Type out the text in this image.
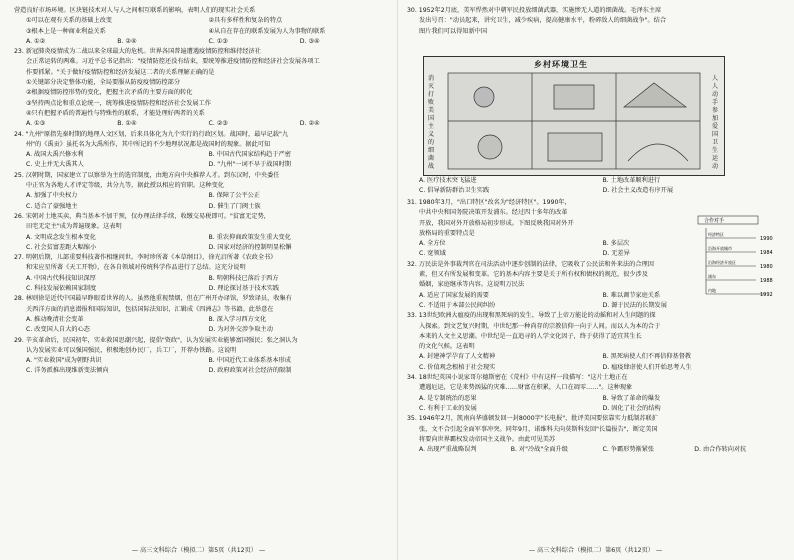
营造良好市场环境。区块链技术对人与人之间相互联系的影响，表明人们的现实社会关系
①可以在观有关系的基础上改变	②具有多样性和复杂的特点
③根本上是一种商业利益关系	④从自在存在的联系发展为人为事物的联系
A. ①②	B. ②④	C. ①③	D. ③④
23. 新冠肺炎疫情成为二战以来全球最大的危机。世界各国普遍遭遇疫情防控和维持经济社
会正常运转的两难。习近平总书记指出："疫情防控还没有结束，要统筹推进疫情防控和经济社会发展各项工
作要抓紧。"关于做好疫情防控和经济发展这二者的关系理解正确的是
①关键部分决定整体功能，全局要服从防疫疫情防控部分
②根据疫情防控形势的变化，把握主次矛盾的主要方面的转化
③坚持两点论和重点论统一，统筹推进疫情防控和经济社会发展工作
④只有把握矛盾的普遍性与特殊性的联系，才能处理好两者的关系
A. ①③	B. ①④	C. ②③	D. ②④
24. "九州"原指先秦时期的地理人文区划，后来具体化为九个实行的行政区划。战国时，最早记载"九
州"的《禹贡》虽托名为大禹所作，其中所记的不少地理状况都是战国时的现象。据此可知
A. 战国大禹兴修水利	B. 中国古代国家结构趋于严密
C. 史上并无大禹其人	D. "九州"一词不早于战国时期
25. 汉朝时期，国家建立了以察举为主的选官制度，由地方向中央推荐人才。到东汉时，中央委任
中正官为各地人才评定等级，共分九等，据此授以相应的官职。这种变化
A. 加强了中央权力	B. 保障了公平公正
C. 适合了豪强地主	D. 催生了门阀士族
26. 宋朝对土地买卖，典当基本不加干预，仅办理法律手续，收缴交易税即可。"贫富无定势，
田宅无定主"成为普遍现象。这表明
A. 文明成念发生根本变化	B. 重农抑商政策发生重大变化
C. 社会贫富差距大幅缩小	D. 国家对经济的控制明显松懈
27. 明朝后期，儿部重要科技著作相继问世。李时珍所著《本草纲目》，徐光启所著《农政全书》
和宋应星所著《天工开物》，在各自领域对传统科学作品进行了总结。这充分说明
A. 中国古代科技知识深厚	B. 明朝科技已落后于西方
C. 科技发展依赖国家制度	D. 理论探讨基于技术实践
28. 林则徐是近代中国最早睁眼看世界的人。虽然他重视禁烟，但在广州开办译馆，罗致译员，收集有
关西洋方面的消息潜报和国际知识，包括国际法知识，汇辑成《四洲志》等书籍。此举意在
A. 推动晚清社会变革	B. 深入学习西方文化
C. 改变国人自大的心态	D. 为对外交涉争取主动
29. 辛亥革命后，民国初年，实业救国思潮兴起，提倡"资政"，认为发展实业能够富国强民；张之洞认为
认为发展实业可以强国强民，积极地创办民厂，兵工厂，开荐办铁路。这说明
A. "实业救国"成为朝野共识	B. 中国近代工业体系基本形成
C. 洋务派推出现维新变法倾向	D. 政府政策对社会经济的限制
— 高三文科综合（模拟二）第5页（共12页） —
30. 1952年2月底，美军悍然对中朝军民投放细菌武器，实施惨无人道的细菌战。毛泽东主席
发出号召："动员起来，讲究卫生，减少疾病，提高健康水平，粉碎敌人的细菌战争"。结合
图片我们可以得知新中国
乡村环境卫生
消灭打败美国主义的细菌战
人人动手参加爱国卫生运动
A. 医疗技术突飞猛进	B. 土地改革顺利进行
C. 倡导新防群治卫生实践	D. 社会主义改造有序开展
31. 1980年3月，"出口特区"改名为"经济特区"。1990年，
中共中央和国务院决策开发浦东。经过四十多年的改革
开放，我国对外开放格局初步形成。下图反映我国对外开
放格局的重要特点是
A. 全方位	B. 多层次
C. 宽领域	D. 无差异
32. 万民法是外事裁判官在司法活动中逐步创制的法律，它吸收了公民法和外来法的合理因
素，但又有所发展和变革。它的基本内容主要是关于所有权和债权的规范，很少涉及
婚姻，家庭继承等内容。这说明万民法
A. 适应了国家发展的需要	B. 难以调节家庭关系
C. 不适用于本部公民间纠纷	D. 源于民法的长期发展
33. 13世纪欧洲大瘟疫的出现和黑死病的发生，导致了上帝万能论的动摇和对人生问题的探
入探索。到文艺复兴时期，中世纪那一种尚存的宗教信仰一向于人间。而以人为本的合于
本来的人文主义思潮。中世纪是一直追寻的人学文化因子，终于获得了适宜其生长
的文化气候。这表明
A. 封建神学孕育了人文精神	B. 黑死病使人们不再信仰基督教
C. 价值观念根植于社会现实	D. 瘟疫肆虐使人们开始思考人生
34. 18世纪英国小说家哥尔德斯密在《荒村》中有这样一段描写："这片土地正在
遭遇厄运，它是来势汹猛的灾难……财富在积累，人口在凋零……"。这种现象
A. 是专制统治的恶果	B. 导致了革命的爆发
C. 有利于工业的发展	D. 固化了社会的结构
35. 1946年2月，凯南向华盛顿发回一封8000字"长电报"，批评美国要依靠实力抵制苏联扩
张，文不合引起全面军事冲突。同年9月，诺维科夫向莫斯科发回"长篇报告"，断定美国
将要向世界霸权发动帝国主义战争。由此可见美苏
A. 出现严重战略误判	B. 对"冷战"全面升级	C. 争霸形势渐紧张	D. 由合作转向对抗
合作对手
1990
1984
1980
1988
1992
经济特区
沿海开放城市
沿海经济开放区
浦东
内地
— 高三文科综合（模拟二）第6页（共12页） —
